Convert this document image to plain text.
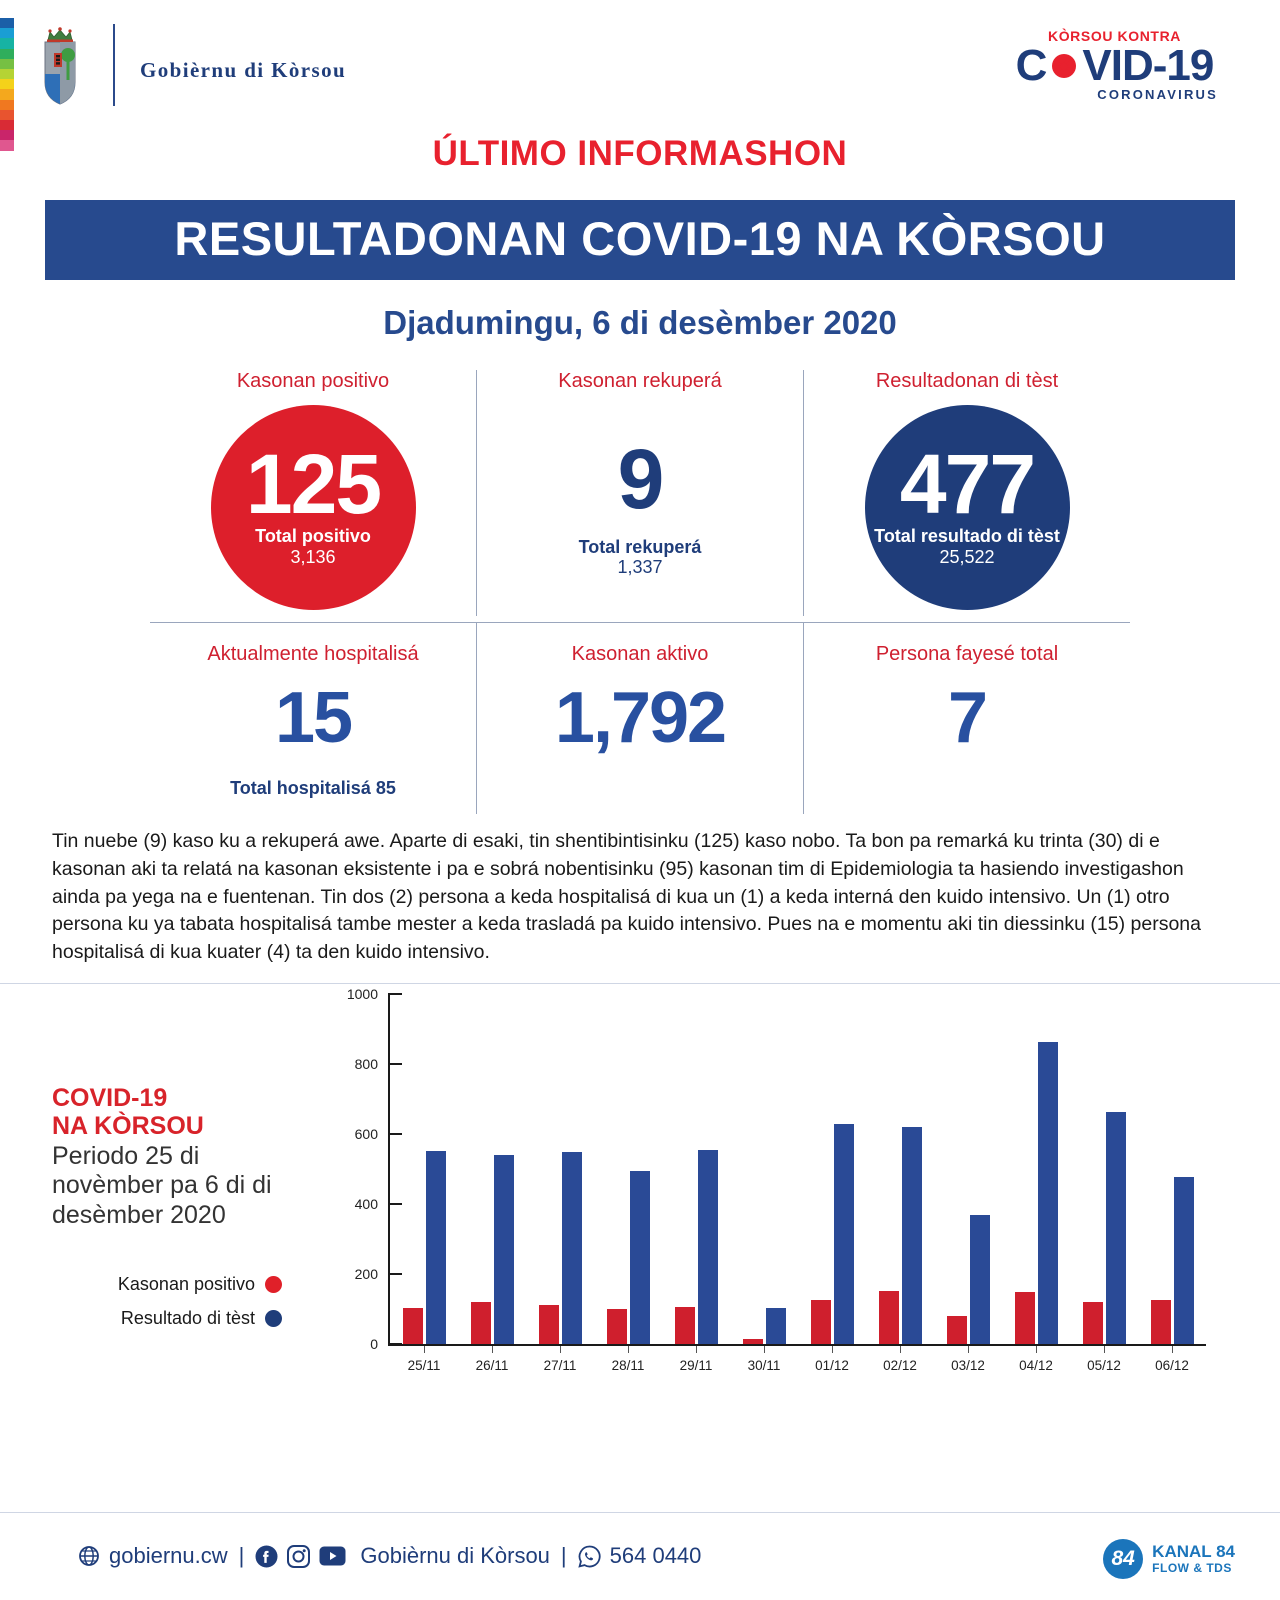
Gobièrnu di Kòrsou
KÒRSOU KONTRA
C VID-19
CORONAVIRUS
ÚLTIMO INFORMASHON
RESULTADONAN COVID-19 NA KÒRSOU
Djadumingu, 6 di desèmber 2020
Kasonan positivo
125
Total positivo
3,136
Kasonan rekuperá
9
Total rekuperá
1,337
Resultadonan di tèst
477
Total resultado di tèst
25,522
Aktualmente hospitalisá
15
Total hospitalisá 85
Kasonan aktivo
1,792
Persona fayesé total
7

Tin nuebe (9) kaso ku a rekuperá awe. Aparte di esaki, tin shentibintisinku (125) kaso nobo. Ta bon pa remarká ku trinta (30) di e kasonan aki ta relatá na kasonan eksistente i pa e sobrá nobentisinku (95) kasonan tim di Epidemiologia ta hasiendo investigashon ainda pa yega na e fuentenan. Tin dos (2) persona a keda hospitalisá di kua un (1) a keda interná den kuido intensivo. Un (1) otro persona ku ya tabata hospitalisá tambe mester a keda trasladá pa kuido intensivo. Pues na e momentu aki tin diessinku (15) persona hospitalisá di kua kuater (4) ta den kuido intensivo.

COVID-19
NA KÒRSOU
Periodo 25 di novèmber pa 6 di di desèmber 2020
Kasonan positivo
Resultado di tèst
0
200
400
600
800
1000
25/11	26/11	27/11	28/11	29/11	30/11	01/12	02/12	03/12	04/12	05/12	06/12
gobiernu.cw |	Gobièrnu di Kòrsou | 564 0440	84	KANAL 84
FLOW & TDS
